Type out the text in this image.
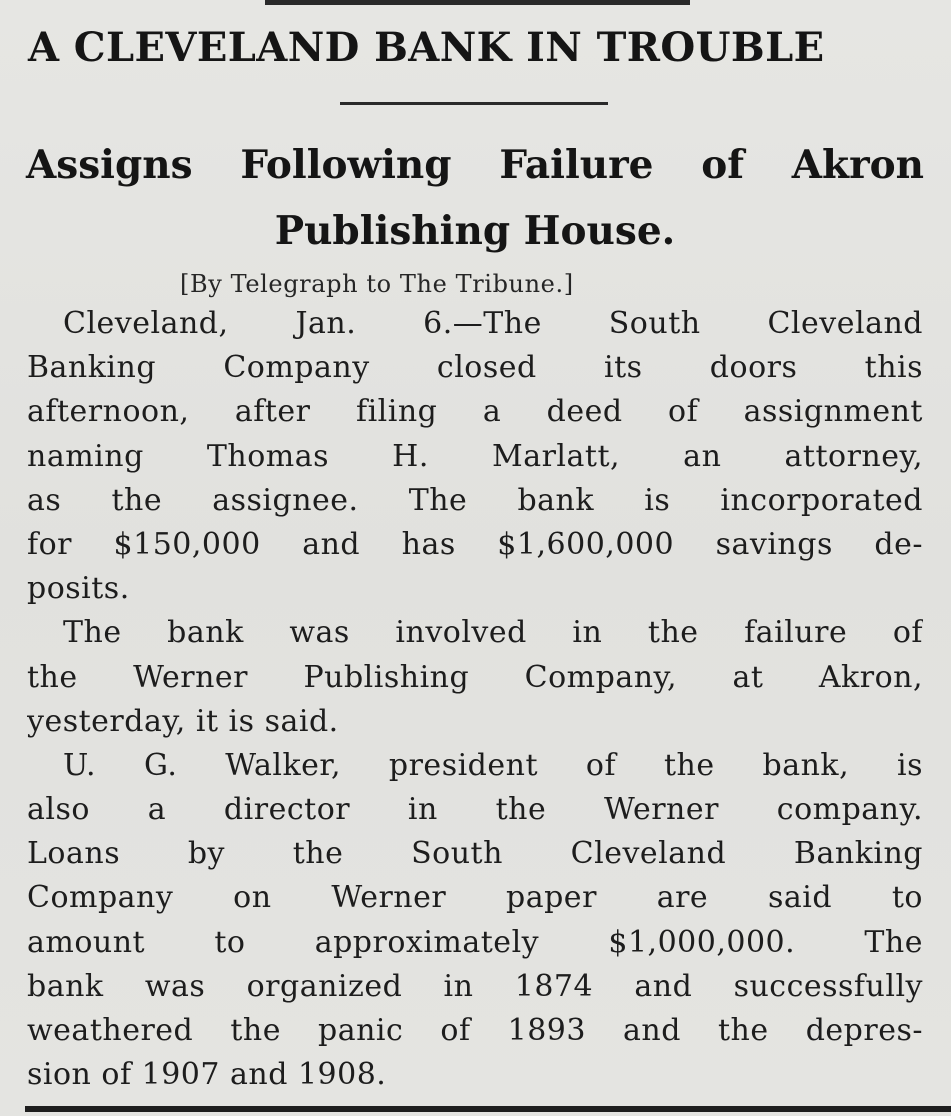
A CLEVELAND BANK IN TROUBLE
Assigns Following Failure of Akron
Publishing House.

[By Telegraph to The Tribune.]

Cleveland, Jan. 6.—The South Cleveland
Banking Company closed its doors this
afternoon, after filing a deed of assignment
naming Thomas H. Marlatt, an attorney,
as the assignee. The bank is incorporated
for $150,000 and has $1,600,000 savings de-
posits.
The bank was involved in the failure of
the Werner Publishing Company, at Akron,
yesterday, it is said.
U. G. Walker, president of the bank, is
also a director in the Werner company.
Loans by the South Cleveland Banking
Company on Werner paper are said to
amount to approximately $1,000,000. The
bank was organized in 1874 and successfully
weathered the panic of 1893 and the depres-
sion of 1907 and 1908.
